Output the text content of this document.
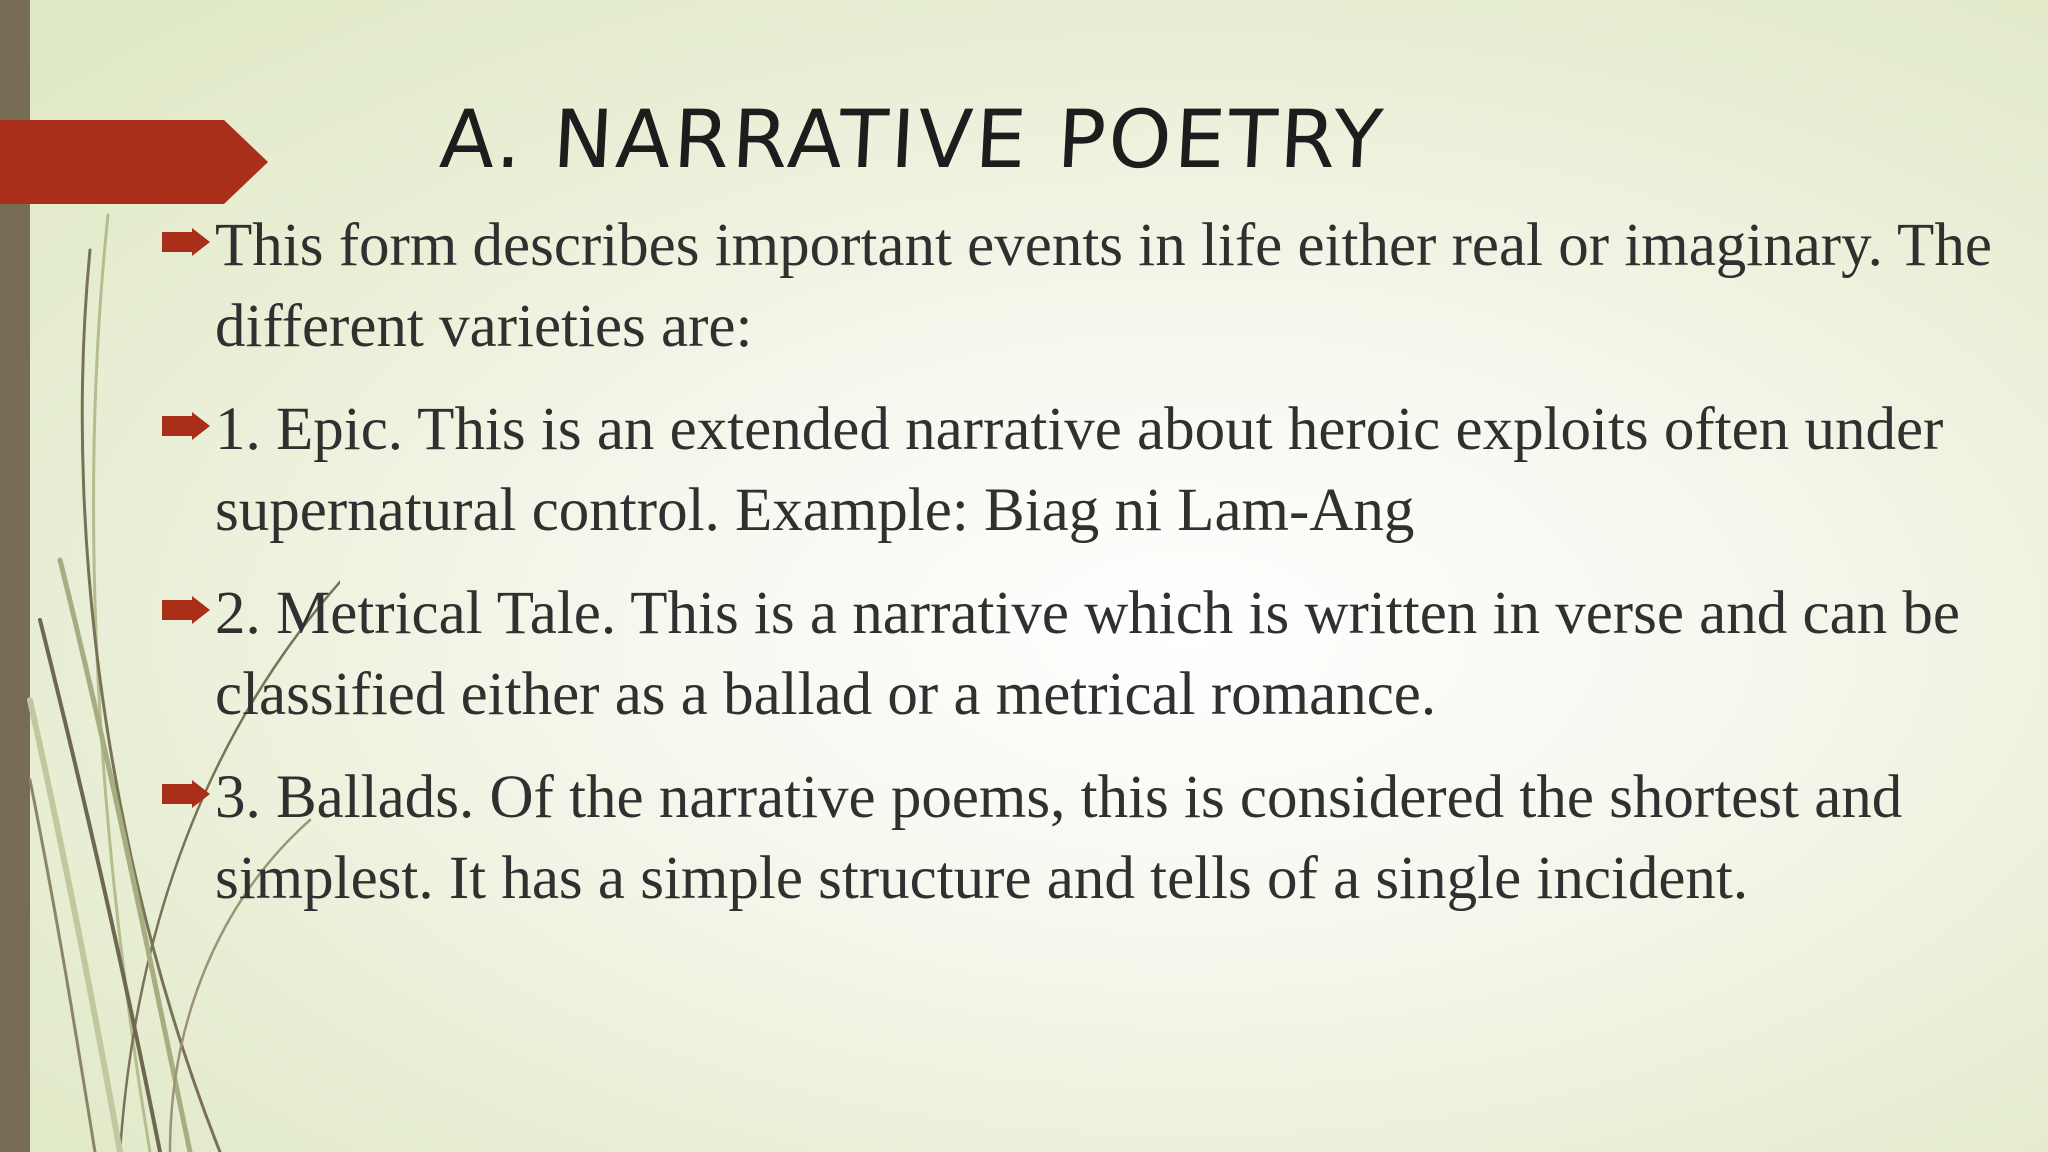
A. NARRATIVE POETRY
This form describes important events in life either real or imaginary. The different varieties are:
1. Epic. This is an extended narrative about heroic exploits often under supernatural control. Example: Biag ni Lam-Ang
2. Metrical Tale. This is a narrative which is written in verse and can be classified either as a ballad or a metrical romance.
3. Ballads. Of the narrative poems, this is considered the shortest and simplest. It has a simple structure and tells of a single incident.
